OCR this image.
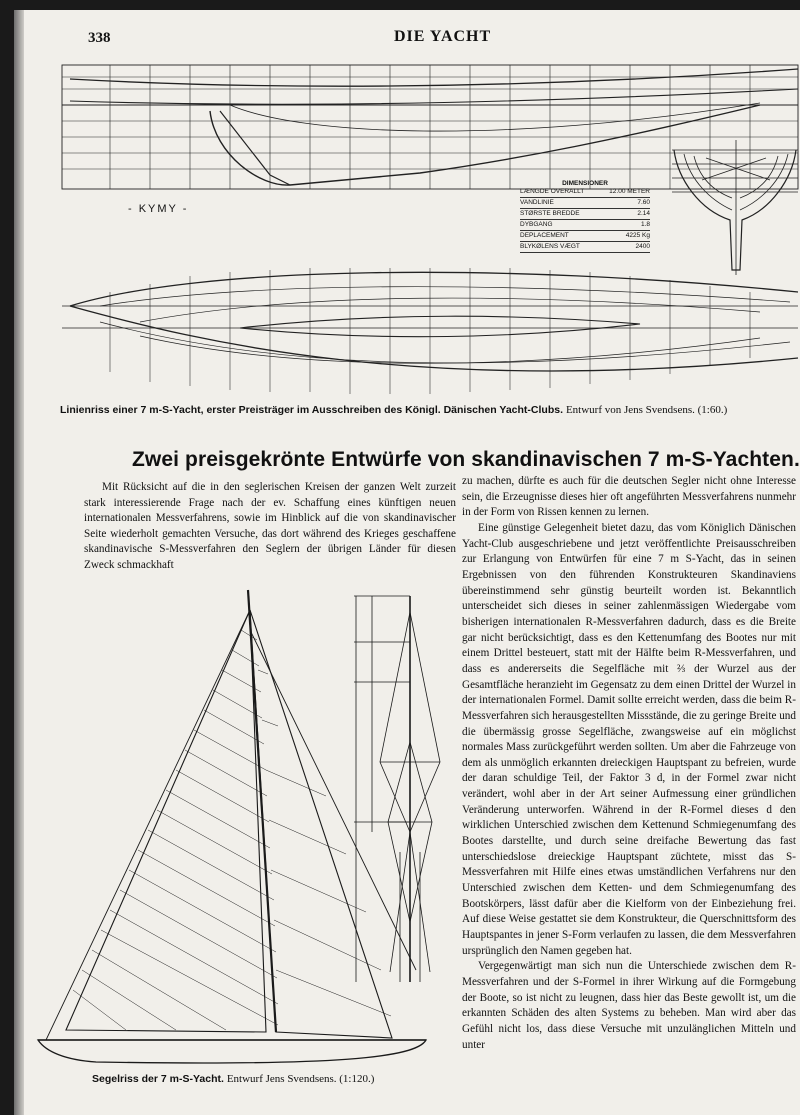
338	DIE YACHT
- KYMY -
DIMENSIONER
LÆNGDE OVERALLT	12.00 METER
VANDLINIE	7.60
STØRSTE BREDDE	2.14
DYBGANG	1.8
DEPLACEMENT	4225 Kg
BLYKØLENS VÆGT	2400
Linienriss einer 7 m-S-Yacht, erster Preisträger im Ausschreiben des Königl. Dänischen Yacht-Clubs. Entwurf von Jens Svendsens. (1:60.)
Zwei preisgekrönte Entwürfe von skandinavischen 7 m-S-Yachten.
Mit Rücksicht auf die in den seglerischen Kreisen der ganzen Welt zurzeit stark interessierende Frage nach der ev. Schaffung eines künftigen neuen internationalen Messverfahrens, sowie im Hinblick auf die von skandinavischer Seite wiederholt gemachten Versuche, das dort während des Krieges geschaffene skandinavische S-Messverfahren den Seglern der übrigen Länder für diesen Zweck schmackhaft

zu machen, dürfte es auch für die deutschen Segler nicht ohne Interesse sein, die Erzeugnisse dieses hier oft angeführten Messverfahrens nunmehr in der Form von Rissen kennen zu lernen.

Eine günstige Gelegenheit bietet dazu, das vom Königlich Dänischen Yacht-Club ausgeschriebene und jetzt veröffentlichte Preisausschreiben zur Erlangung von Entwürfen für eine 7 m S-Yacht, das in seinen Ergebnissen von den führenden Konstrukteuren Skandinaviens übereinstimmend sehr günstig beurteilt worden ist. Bekanntlich unterscheidet sich dieses in seiner zahlenmässigen Wiedergabe vom bisherigen internationalen R-Messverfahren dadurch, dass es die Breite gar nicht berücksichtigt, dass es den Kettenumfang des Bootes nur mit einem Drittel besteuert, statt mit der Hälfte beim R-Messverfahren, und dass es andererseits die Segelfläche mit ⅔ der Wurzel aus der Gesamtfläche heranzieht im Gegensatz zu dem einen Drittel der Wurzel in der internationalen Formel. Damit sollte erreicht werden, dass die beim R-Messverfahren sich herausgestellten Missstände, die zu geringe Breite und die übermässig grosse Segelfläche, zwangsweise auf ein möglichst normales Mass zurückgeführt werden sollten. Um aber die Fahrzeuge von dem als unmöglich erkannten dreieckigen Hauptspant zu befreien, wurde der daran schuldige Teil, der Faktor 3 d, in der Formel zwar nicht verändert, wohl aber in der Art seiner Aufmessung einer gründlichen Veränderung unterworfen. Während in der R-Formel dieses d den wirklichen Unterschied zwischen dem Kettenund Schmiegenumfang des Bootes darstellte, und durch seine dreifache Bewertung das fast unterschiedslose dreieckige Hauptspant züchtete, misst das S-Messverfahren mit Hilfe eines etwas umständlichen Verfahrens nur den Unterschied zwischen dem Ketten- und dem Schmiegenumfang des Bootskörpers, lässt dafür aber die Kielform von der Einbeziehung frei. Auf diese Weise gestattet sie dem Konstrukteur, die Querschnittsform des Hauptspantes in jener S-Form verlaufen zu lassen, die dem Messverfahren ursprünglich den Namen gegeben hat.

Vergegenwärtigt man sich nun die Unterschiede zwischen dem R-Messverfahren und der S-Formel in ihrer Wirkung auf die Formgebung der Boote, so ist nicht zu leugnen, dass hier das Beste gewollt ist, um die erkannten Schäden des alten Systems zu beheben. Man wird aber das Gefühl nicht los, dass diese Versuche mit unzulänglichen Mitteln und unter

Segelriss der 7 m-S-Yacht. Entwurf Jens Svendsens. (1:120.)
